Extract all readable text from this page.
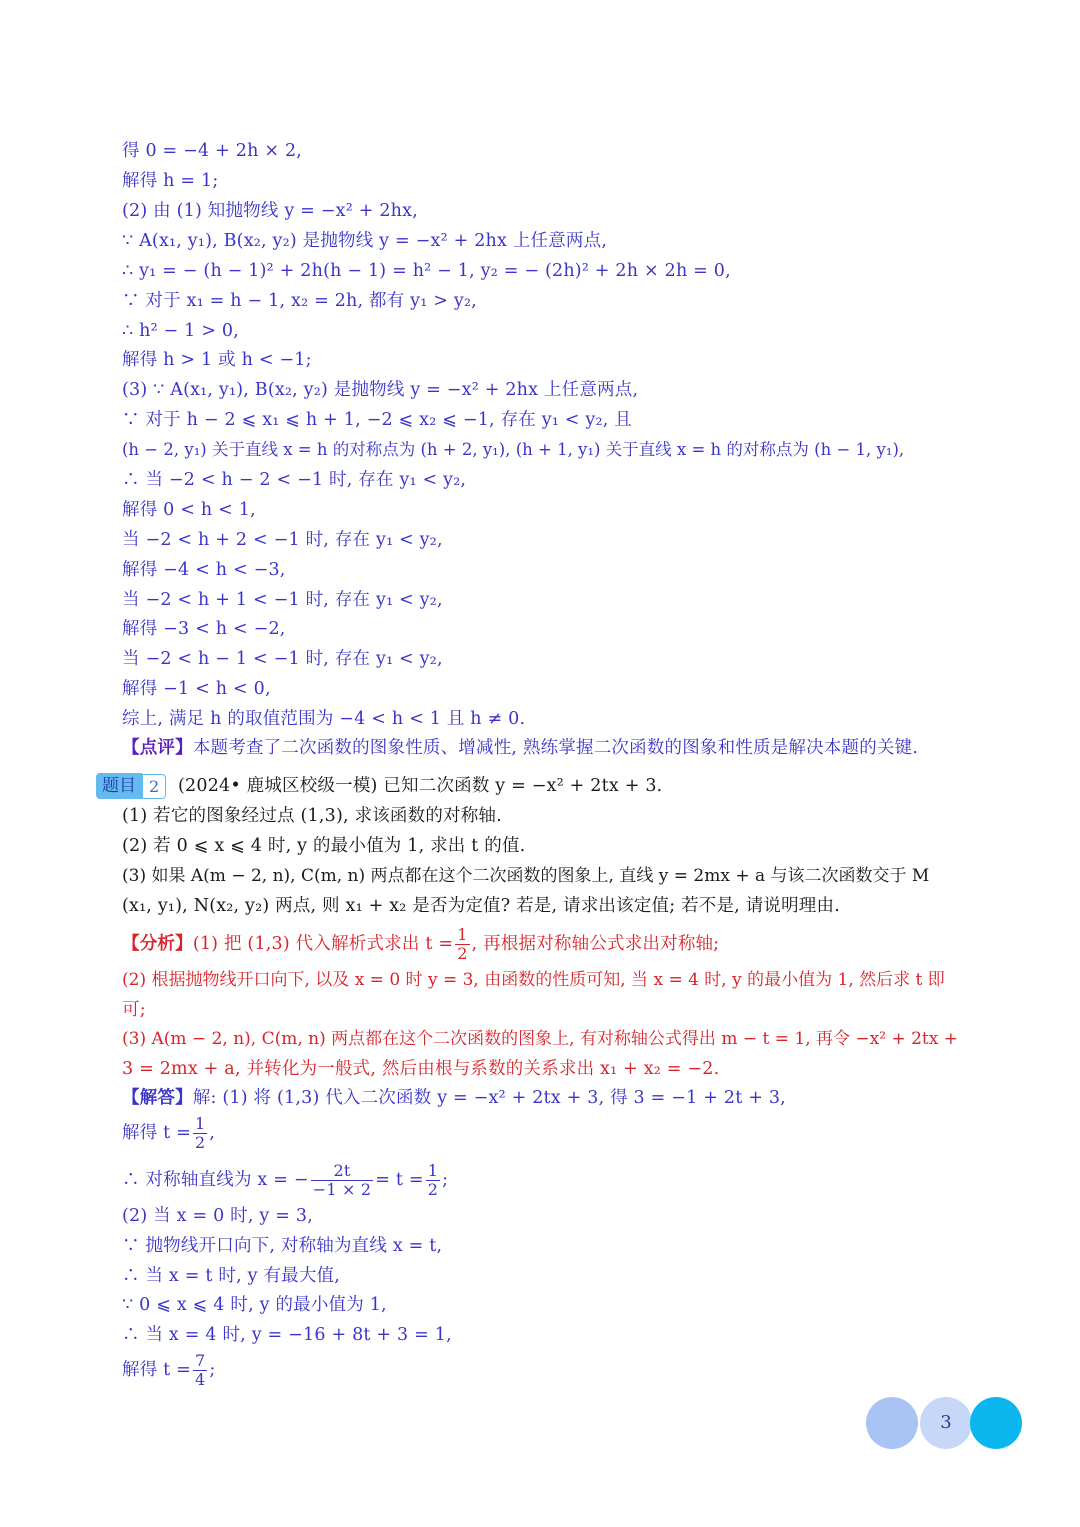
得 0 = −4 + 2h × 2,
解得 h = 1;
(2) 由 (1) 知抛物线 y = −x² + 2hx,
∵ A(x₁, y₁), B(x₂, y₂) 是抛物线 y = −x² + 2hx 上任意两点,
∴ y₁ = − (h − 1)² + 2h(h − 1) = h² − 1, y₂ = − (2h)² + 2h × 2h = 0,
∵ 对于 x₁ = h − 1, x₂ = 2h, 都有 y₁ > y₂,
∴ h² − 1 > 0,
解得 h > 1 或 h < −1;
(3) ∵ A(x₁, y₁), B(x₂, y₂) 是抛物线 y = −x² + 2hx 上任意两点,
∵ 对于 h − 2 ⩽ x₁ ⩽ h + 1, −2 ⩽ x₂ ⩽ −1, 存在 y₁ < y₂, 且
(h − 2, y₁) 关于直线 x = h 的对称点为 (h + 2, y₁), (h + 1, y₁) 关于直线 x = h 的对称点为 (h − 1, y₁),
∴ 当 −2 < h − 2 < −1 时, 存在 y₁ < y₂,
解得 0 < h < 1,
当 −2 < h + 2 < −1 时, 存在 y₁ < y₂,
解得 −4 < h < −3,
当 −2 < h + 1 < −1 时, 存在 y₁ < y₂,
解得 −3 < h < −2,
当 −2 < h − 1 < −1 时, 存在 y₁ < y₂,
解得 −1 < h < 0,
综上, 满足 h 的取值范围为 −4 < h < 1 且 h ≠ 0.
【点评】本题考查了二次函数的图象性质、增减性, 熟练掌握二次函数的图象和性质是解决本题的关键.
题目 2	(2024• 鹿城区校级一模) 已知二次函数 y = −x² + 2tx + 3.
(1) 若它的图象经过点 (1,3), 求该函数的对称轴.
(2) 若 0 ⩽ x ⩽ 4 时, y 的最小值为 1, 求出 t 的值.
(3) 如果 A(m − 2, n), C(m, n) 两点都在这个二次函数的图象上, 直线 y = 2mx + a 与该二次函数交于 M
(x₁, y₁), N(x₂, y₂) 两点, 则 x₁ + x₂ 是否为定值? 若是, 请求出该定值; 若不是, 请说明理由.
【分析】(1) 把 (1,3) 代入解析式求出 $t = \frac{1}{2}$ , 再根据对称轴公式求出对称轴;
(2) 根据抛物线开口向下, 以及 x = 0 时 y = 3, 由函数的性质可知, 当 x = 4 时, y 的最小值为 1, 然后求 t 即
可;
(3) A(m − 2, n), C(m, n) 两点都在这个二次函数的图象上, 有对称轴公式得出 m − t = 1, 再令 −x² + 2tx +
3 = 2mx + a, 并转化为一般式, 然后由根与系数的关系求出 x₁ + x₂ = −2.
【解答】解: (1) 将 (1,3) 代入二次函数 y = −x² + 2tx + 3, 得 3 = −1 + 2t + 3,
解得 $t = \frac{1}{2}$ ,
∴ 对称轴直线为 x = − $\frac{2t}{-1 \times 2} = t = \frac{1}{2}$ ;
(2) 当 x = 0 时, y = 3,
∵ 抛物线开口向下, 对称轴为直线 x = t,
∴ 当 x = t 时, y 有最大值,
∵ 0 ⩽ x ⩽ 4 时, y 的最小值为 1,
∴ 当 x = 4 时, y = −16 + 8t + 3 = 1,
解得 $t = \frac{7}{4}$ ;
3
